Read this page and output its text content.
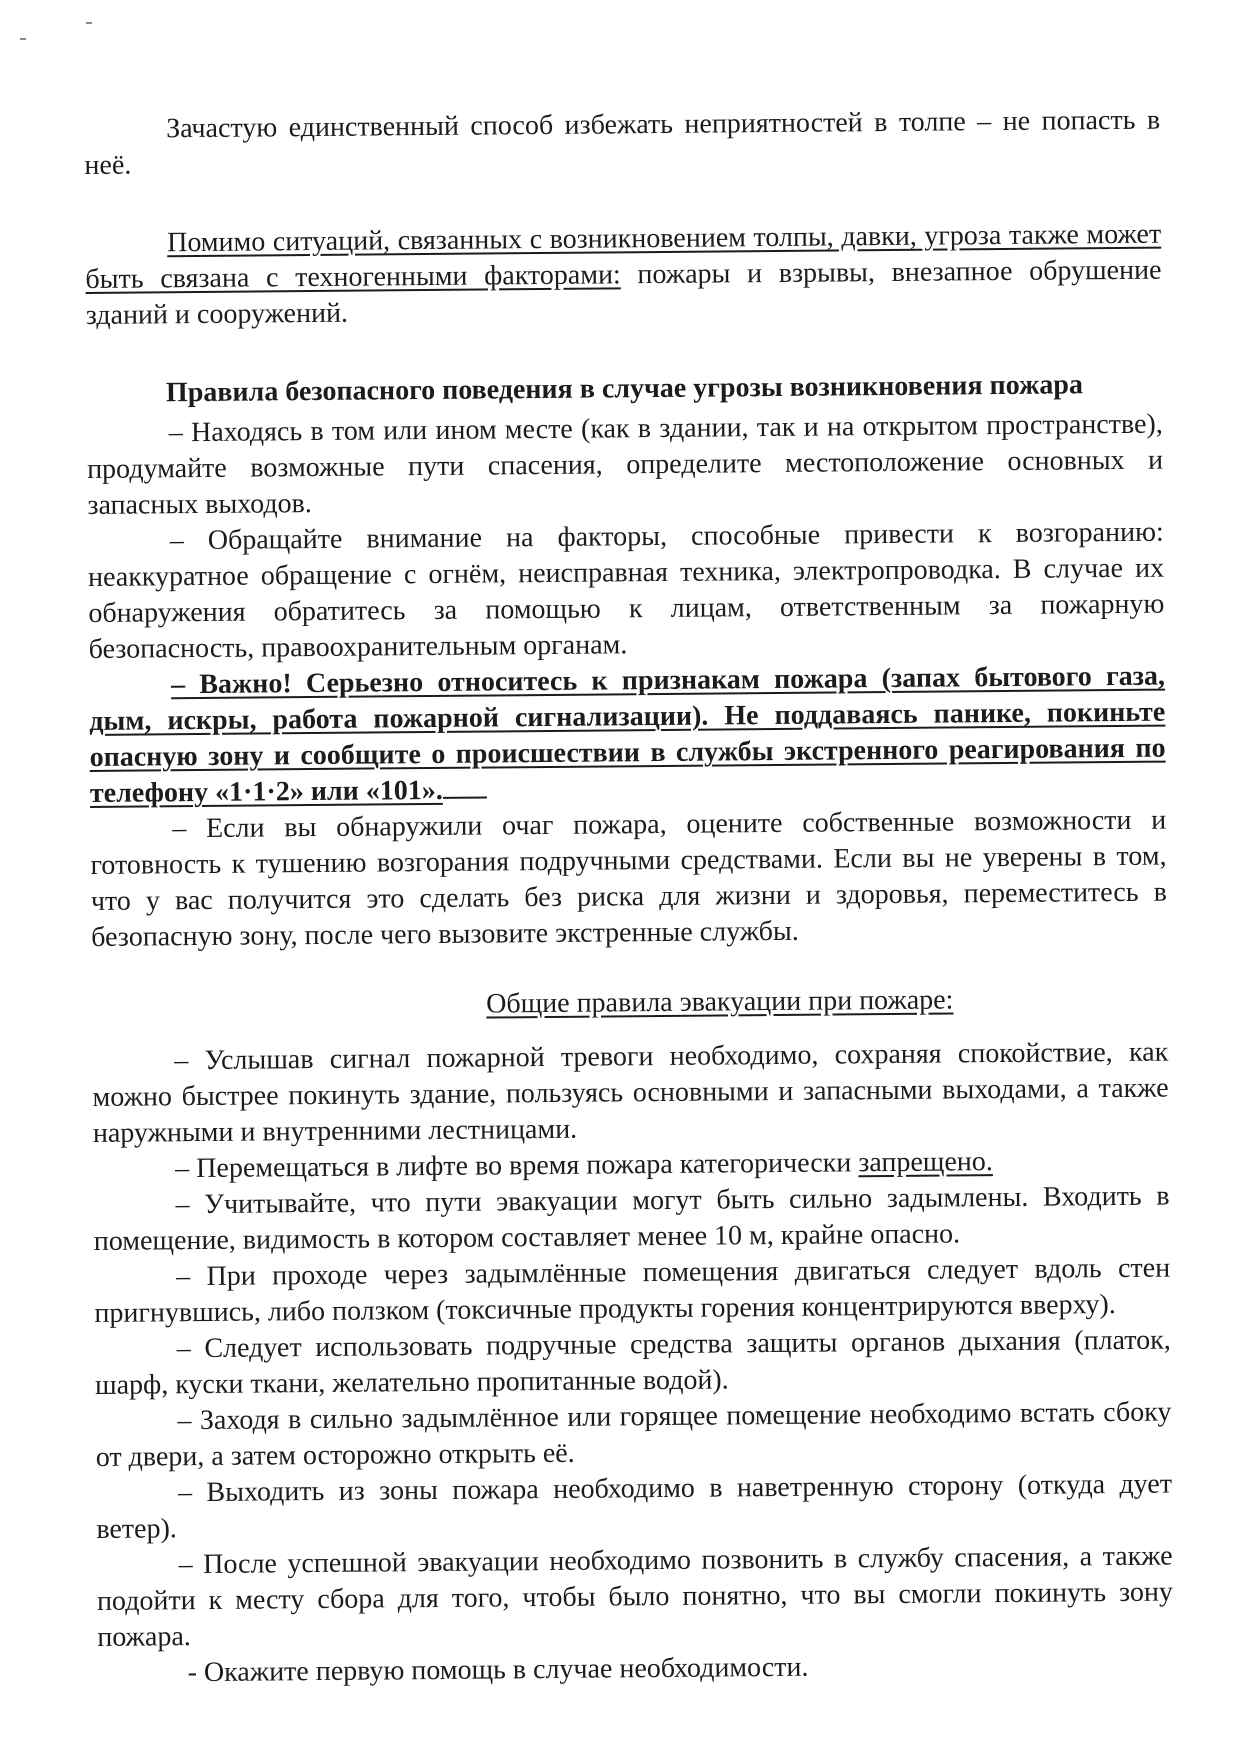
Зачастую единственный способ избежать неприятностей в толпе – не попасть в неё.

Помимо ситуаций, связанных с возникновением толпы, давки, угроза также может быть связана с техногенными факторами: пожары и взрывы, внезапное обрушение зданий и сооружений.

Правила безопасного поведения в случае угрозы возникновения пожара

– Находясь в том или ином месте (как в здании, так и на открытом пространстве), продумайте возможные пути спасения, определите местоположение основных и запасных выходов.

– Обращайте внимание на факторы, способные привести к возгоранию: неаккуратное обращение с огнём, неисправная техника, электропроводка. В случае их обнаружения обратитесь за помощью к лицам, ответственным за пожарную безопасность, правоохранительным органам.

– Важно! Серьезно относитесь к признакам пожара (запах бытового газа, дым, искры, работа пожарной сигнализации). Не поддаваясь панике, покиньте опасную зону и сообщите о происшествии в службы экстренного реагирования по телефону «1·1·2» или «101».

– Если вы обнаружили очаг пожара, оцените собственные возможности и готовность к тушению возгорания подручными средствами. Если вы не уверены в том, что у вас получится это сделать без риска для жизни и здоровья, переместитесь в безопасную зону, после чего вызовите экстренные службы.

Общие правила эвакуации при пожаре:

– Услышав сигнал пожарной тревоги необходимо, сохраняя спокойствие, как можно быстрее покинуть здание, пользуясь основными и запасными выходами, а также наружными и внутренними лестницами.

– Перемещаться в лифте во время пожара категорически запрещено.

– Учитывайте, что пути эвакуации могут быть сильно задымлены. Входить в помещение, видимость в котором составляет менее 10 м, крайне опасно.

– При проходе через задымлённые помещения двигаться следует вдоль стен пригнувшись, либо ползком (токсичные продукты горения концентрируются вверху).

– Следует использовать подручные средства защиты органов дыхания (платок, шарф, куски ткани, желательно пропитанные водой).

– Заходя в сильно задымлённое или горящее помещение необходимо встать сбоку от двери, а затем осторожно открыть её.

– Выходить из зоны пожара необходимо в наветренную сторону (откуда дует ветер).

– После успешной эвакуации необходимо позвонить в службу спасения, а также подойти к месту сбора для того, чтобы было понятно, что вы смогли покинуть зону пожара.

- Окажите первую помощь в случае необходимости.
